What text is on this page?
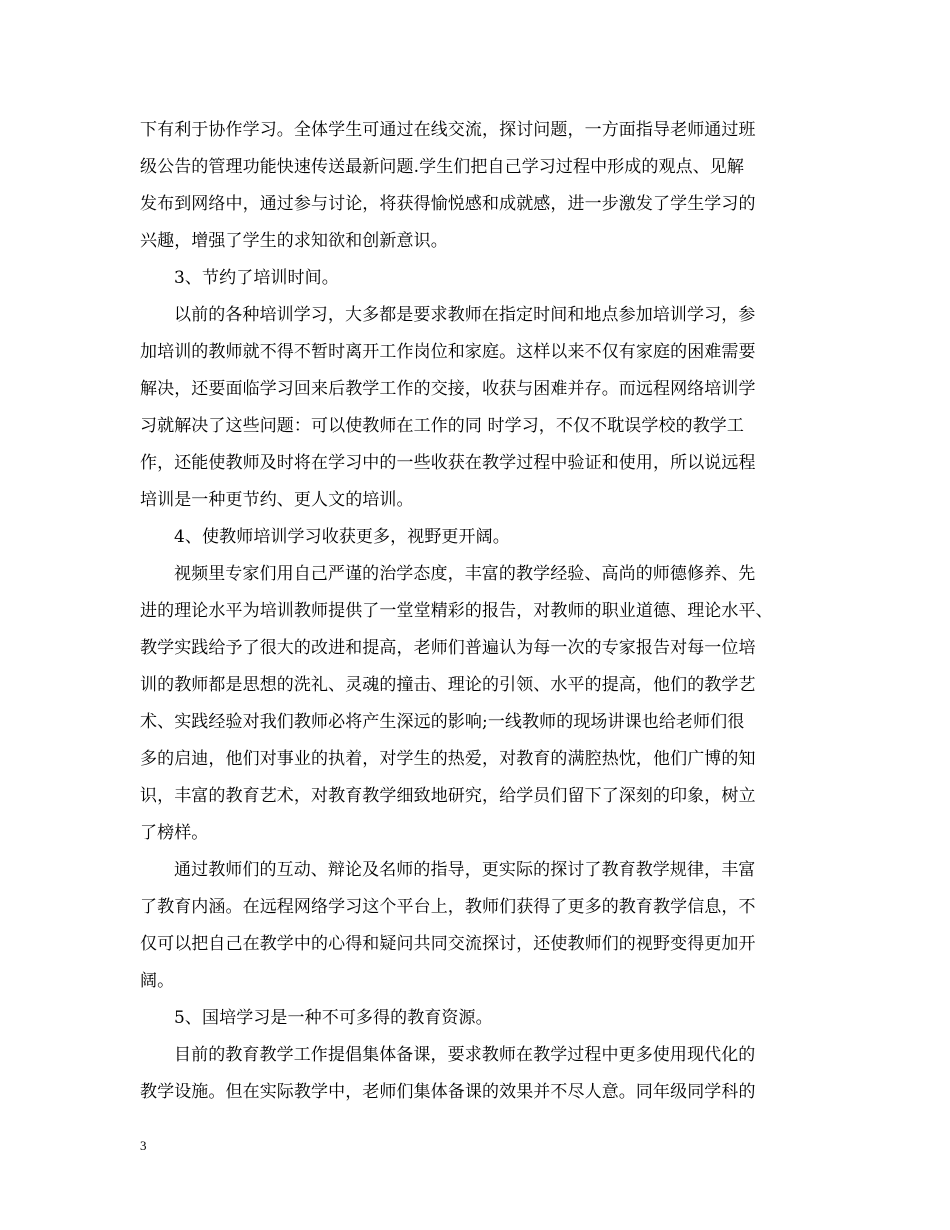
下有利于协作学习。全体学生可通过在线交流，探讨问题，一方面指导老师通过班
级公告的管理功能快速传送最新问题.学生们把自己学习过程中形成的观点、见解
发布到网络中，通过参与讨论，将获得愉悦感和成就感，进一步激发了学生学习的
兴趣，增强了学生的求知欲和创新意识。
3、节约了培训时间。
以前的各种培训学习，大多都是要求教师在指定时间和地点参加培训学习，参
加培训的教师就不得不暂时离开工作岗位和家庭。这样以来不仅有家庭的困难需要
解决，还要面临学习回来后教学工作的交接，收获与困难并存。而远程网络培训学
习就解决了这些问题：可以使教师在工作的同 时学习，不仅不耽误学校的教学工
作，还能使教师及时将在学习中的一些收获在教学过程中验证和使用，所以说远程
培训是一种更节约、更人文的培训。
4、使教师培训学习收获更多，视野更开阔。
视频里专家们用自己严谨的治学态度，丰富的教学经验、高尚的师德修养、先
进的理论水平为培训教师提供了一堂堂精彩的报告，对教师的职业道德、理论水平、
教学实践给予了很大的改进和提高，老师们普遍认为每一次的专家报告对每一位培
训的教师都是思想的洗礼、灵魂的撞击、理论的引领、水平的提高，他们的教学艺
术、实践经验对我们教师必将产生深远的影响;一线教师的现场讲课也给老师们很
多的启迪，他们对事业的执着，对学生的热爱，对教育的满腔热忱，他们广博的知
识，丰富的教育艺术，对教育教学细致地研究，给学员们留下了深刻的印象，树立
了榜样。
通过教师们的互动、辩论及名师的指导，更实际的探讨了教育教学规律，丰富
了教育内涵。在远程网络学习这个平台上，教师们获得了更多的教育教学信息，不
仅可以把自己在教学中的心得和疑问共同交流探讨，还使教师们的视野变得更加开
阔。
5、国培学习是一种不可多得的教育资源。
目前的教育教学工作提倡集体备课，要求教师在教学过程中更多使用现代化的
教学设施。但在实际教学中，老师们集体备课的效果并不尽人意。同年级同学科的
3
